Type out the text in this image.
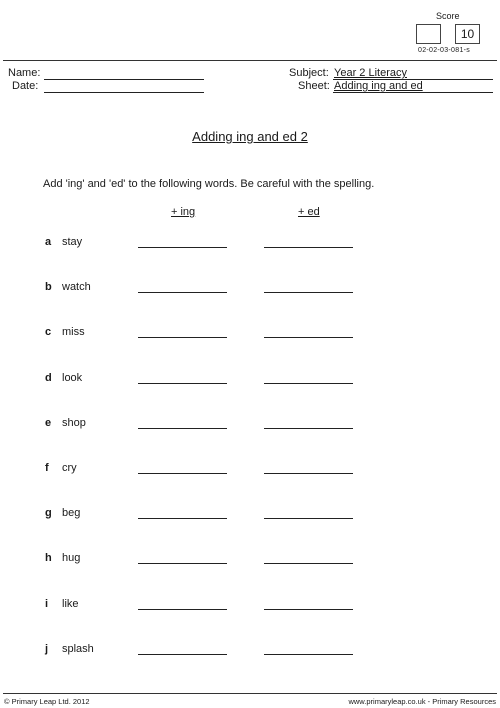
Score
10
02-02-03-081-s
Name:
Date:
Subject: Year 2 Literacy
Sheet: Adding ing and ed
Adding ing and ed 2
Add 'ing' and 'ed' to the following words. Be careful with the spelling.
+ ing	+ ed
a stay
b watch
c miss
d look
e shop
f cry
g beg
h hug
i like
j splash
© Primary Leap Ltd. 2012	www.primaryleap.co.uk - Primary Resources
